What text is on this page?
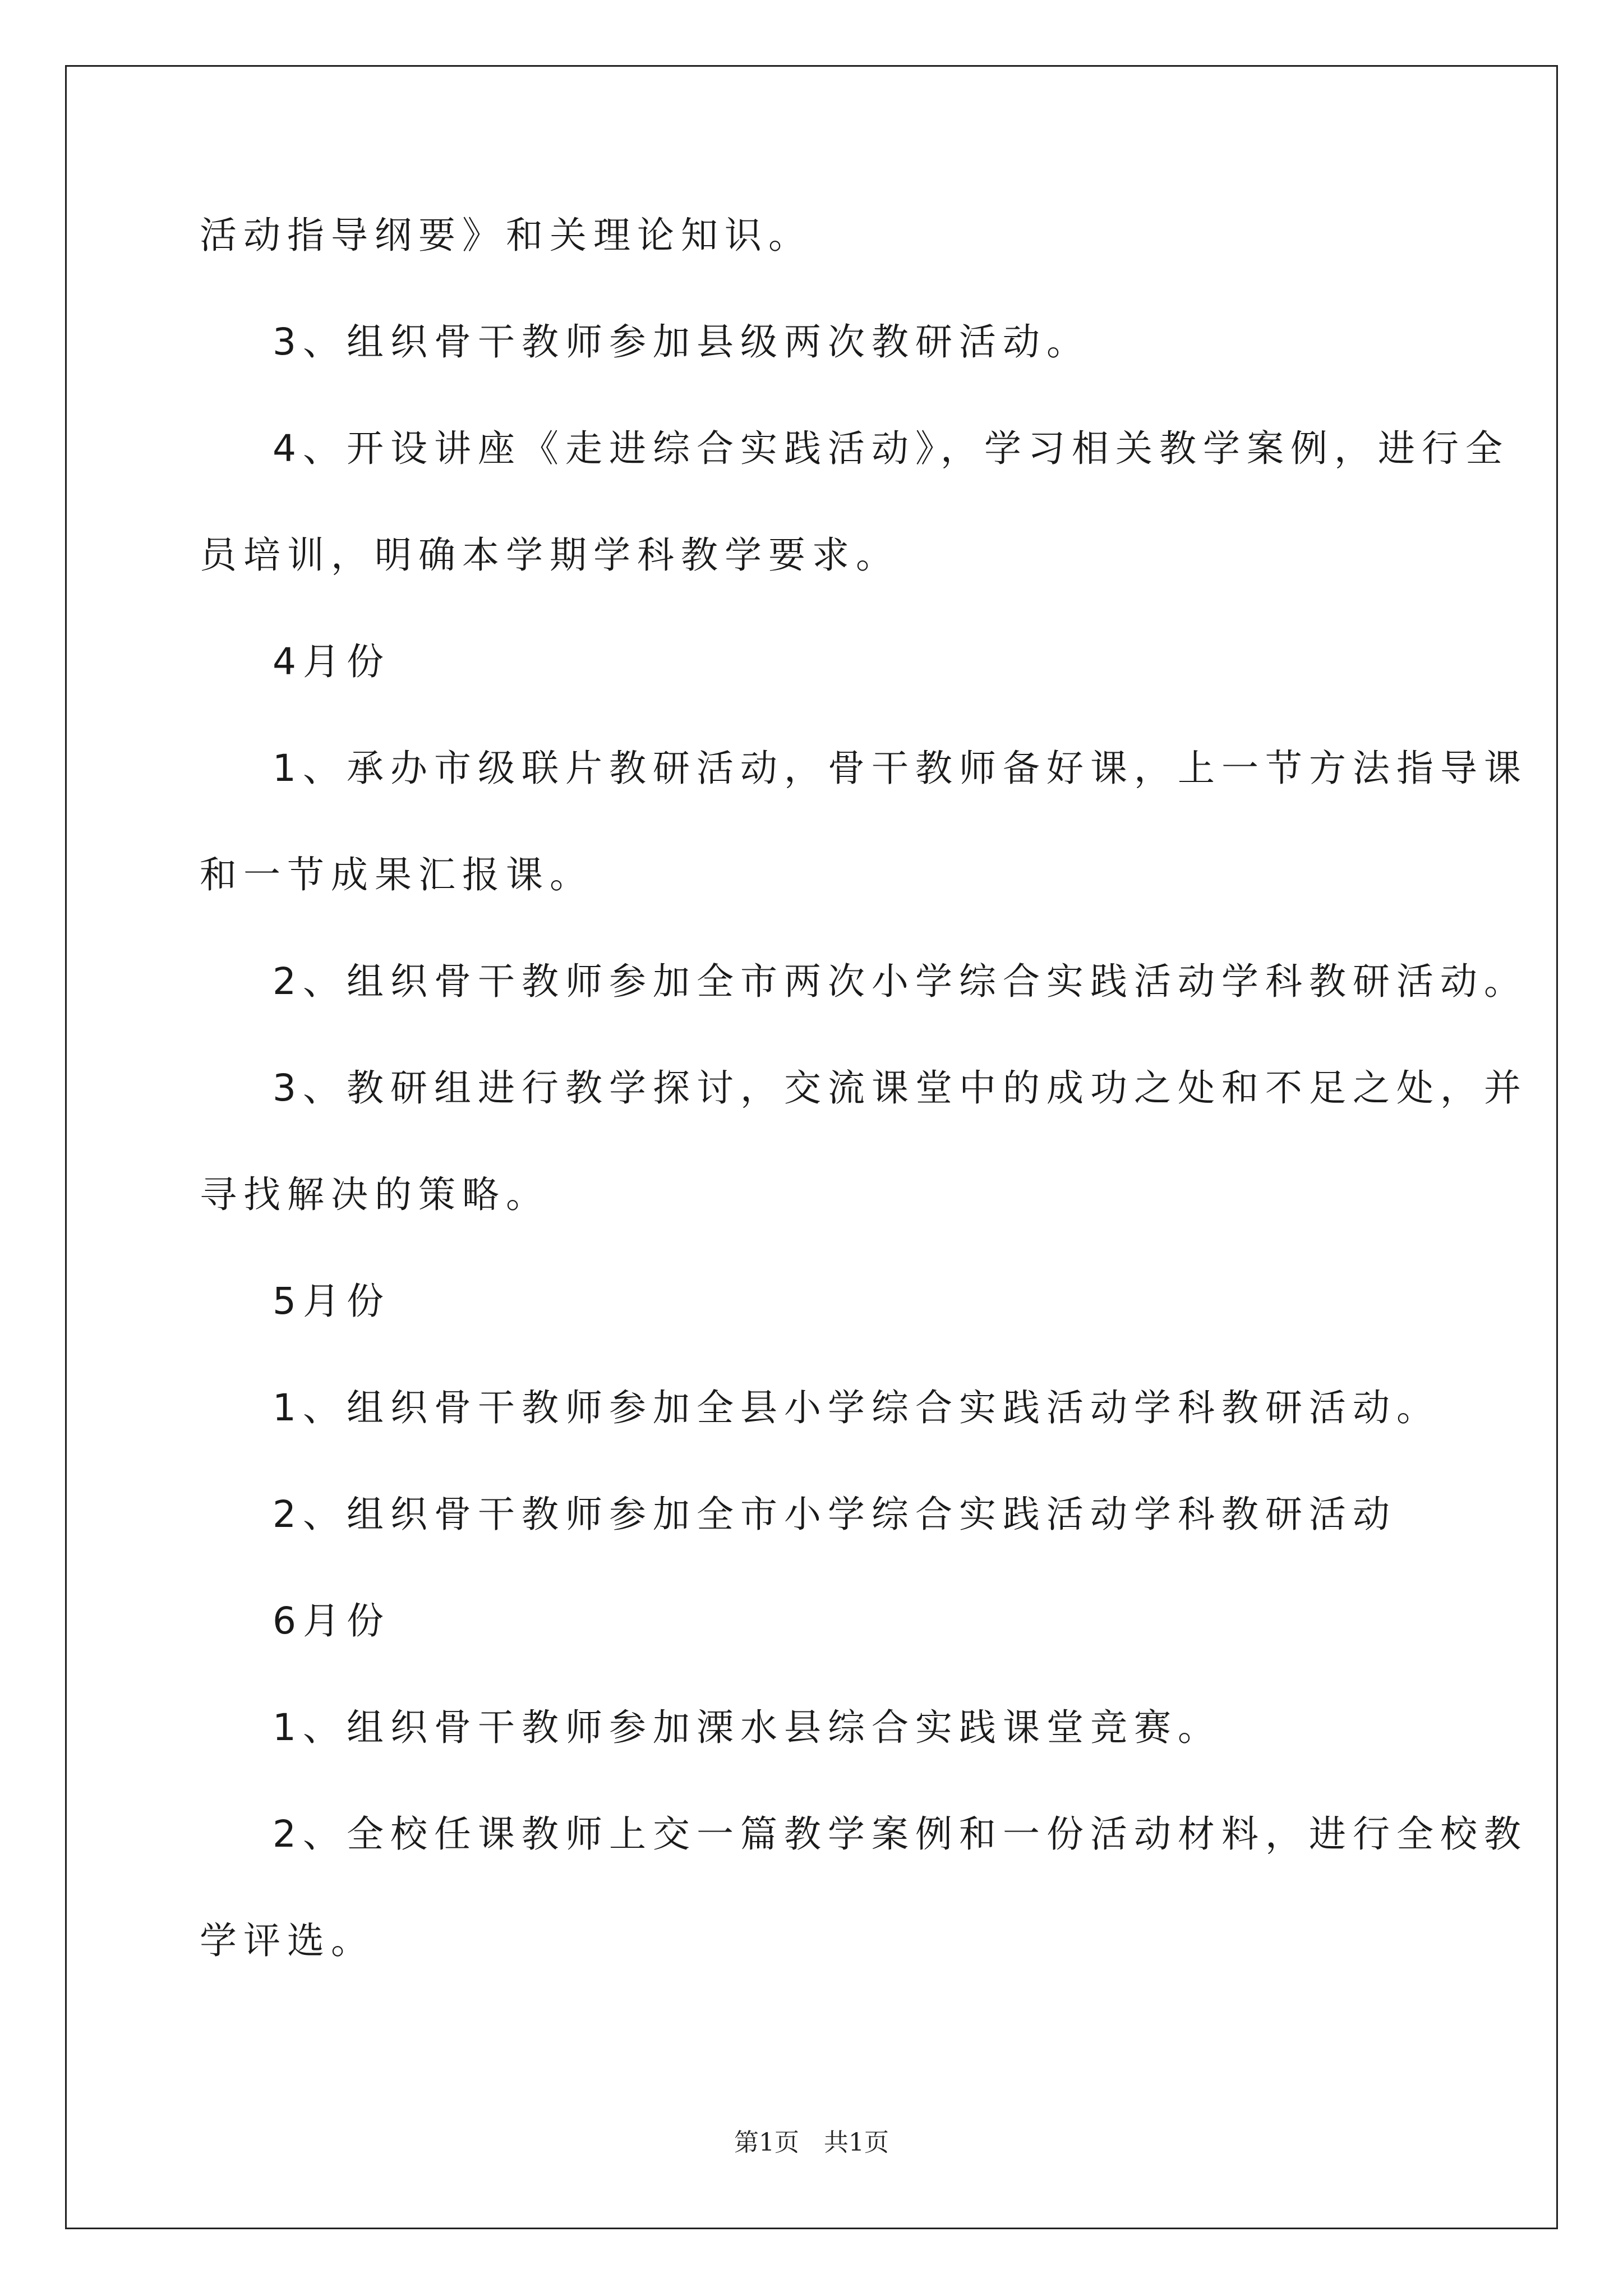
活动指导纲要》和关理论知识。
3、组织骨干教师参加县级两次教研活动。
4、开设讲座《走进综合实践活动》，学习相关教学案例，进行全
员培训，明确本学期学科教学要求。
4月份
1、承办市级联片教研活动，骨干教师备好课，上一节方法指导课
和一节成果汇报课。
2、组织骨干教师参加全市两次小学综合实践活动学科教研活动。
3、教研组进行教学探讨，交流课堂中的成功之处和不足之处，并
寻找解决的策略。
5月份
1、组织骨干教师参加全县小学综合实践活动学科教研活动。
2、组织骨干教师参加全市小学综合实践活动学科教研活动
6月份
1、组织骨干教师参加溧水县综合实践课堂竞赛。
2、全校任课教师上交一篇教学案例和一份活动材料，进行全校教
学评选。
第1页　共1页
